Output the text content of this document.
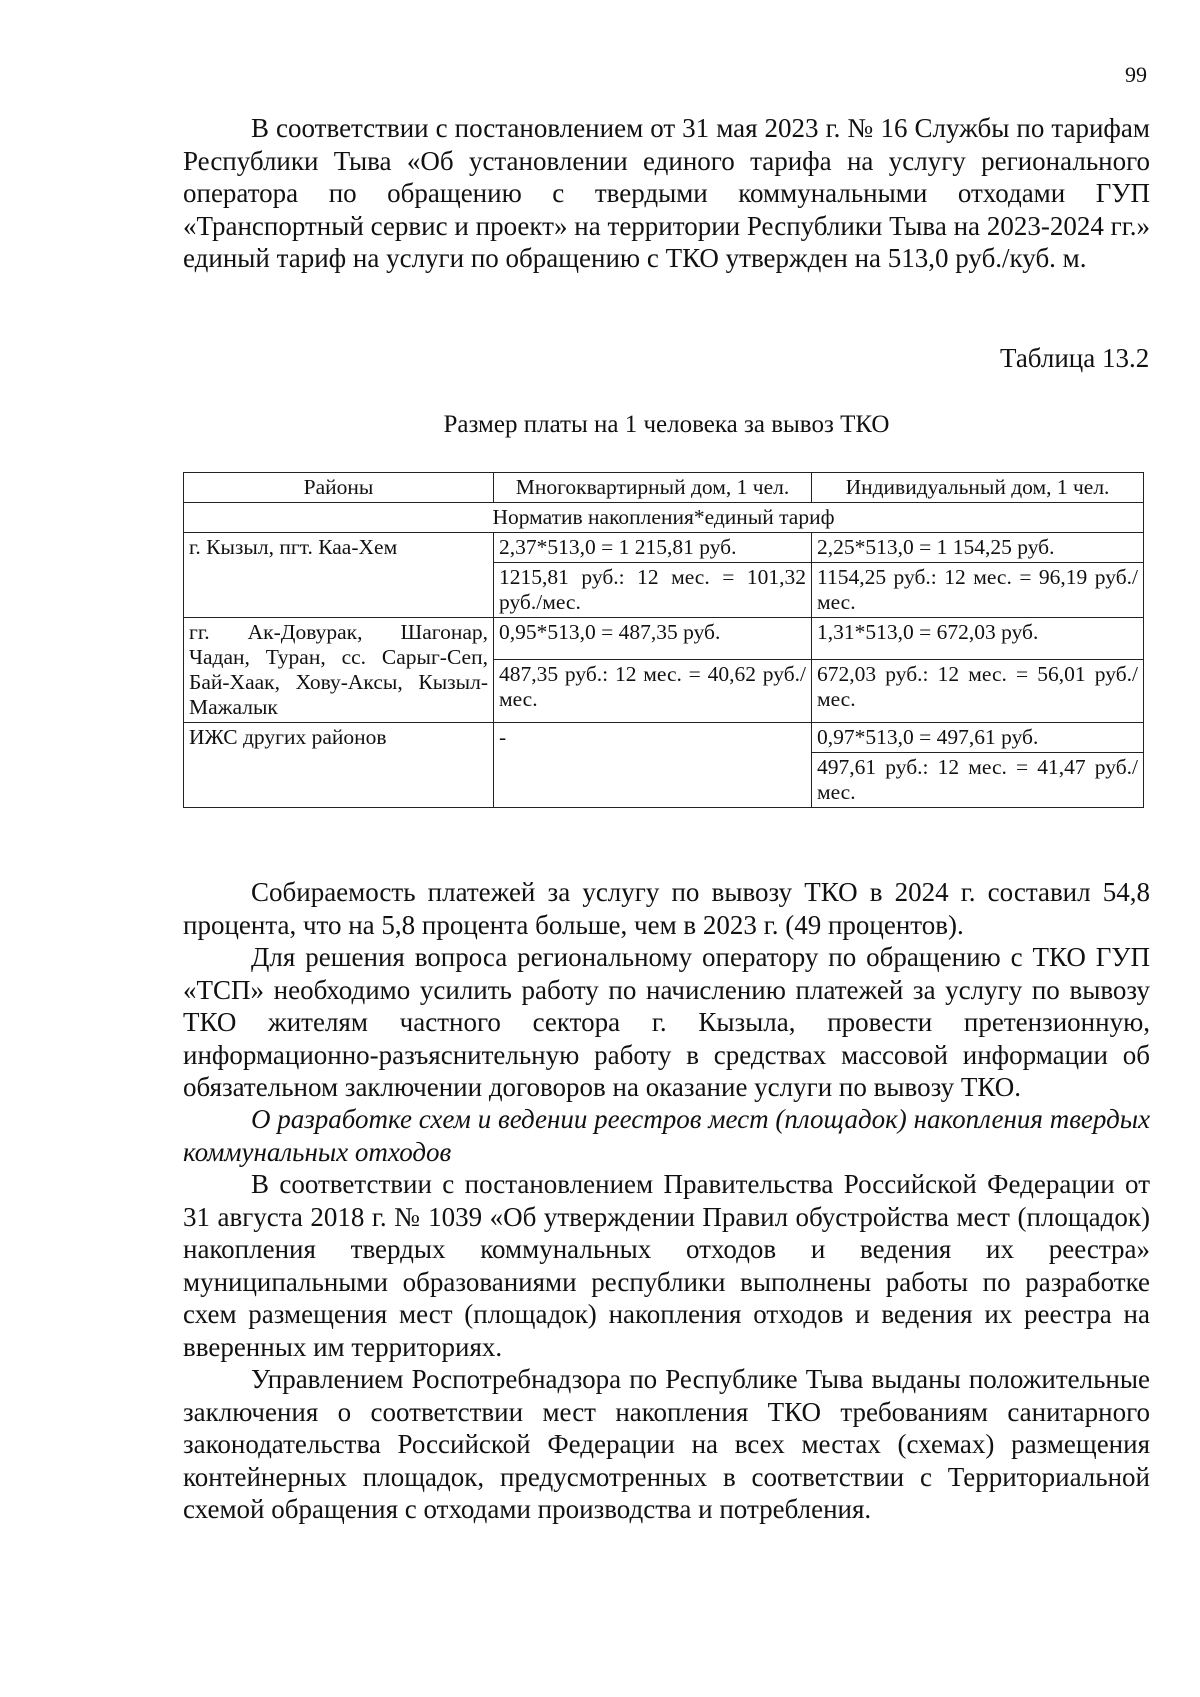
99

В соответствии с постановлением от 31 мая 2023 г. № 16 Службы по тарифам Республики Тыва «Об установлении единого тарифа на услугу регионального оператора по обращению с твердыми коммунальными отходами ГУП «Транспортный сервис и проект» на территории Республики Тыва на 2023-2024 гг.» единый тариф на услуги по обращению с ТКО утвержден на 513,0 руб./куб. м.

Таблица 13.2
Размер платы на 1 человека за вывоз ТКО
Районы	Многоквартирный дом, 1 чел.	Индивидуальный дом, 1 чел.
Норматив накопления*единый тариф		
г. Кызыл, пгт. Каа-Хем	2,37*513,0 = 1 215,81 руб.	2,25*513,0 = 1 154,25 руб.
	1215,81 руб.: 12 мес. = 101,32 руб./мес.	1154,25 руб.: 12 мес. = 96,19 руб./мес.
гг. Ак-Довурак, Шагонар, Чадан, Туран, сс. Сарыг-Сеп, Бай-Хаак, Хову-Аксы, Кызыл-Мажалык	0,95*513,0 = 487,35 руб.	1,31*513,0 = 672,03 руб.
	487,35 руб.: 12 мес. = 40,62 руб./мес.	672,03 руб.: 12 мес. = 56,01 руб./мес.
ИЖС других районов	-	0,97*513,0 = 497,61 руб.
		497,61 руб.: 12 мес. = 41,47 руб./мес.

Собираемость платежей за услугу по вывозу ТКО в 2024 г. составил 54,8 процента, что на 5,8 процента больше, чем в 2023 г. (49 процентов).

Для решения вопроса региональному оператору по обращению с ТКО ГУП «ТСП» необходимо усилить работу по начислению платежей за услугу по вывозу ТКО жителям частного сектора г. Кызыла, провести претензионную, информационно-разъяснительную работу в средствах массовой информации об обязательном заключении договоров на оказание услуги по вывозу ТКО.

О разработке схем и ведении реестров мест (площадок) накопления твердых коммунальных отходов

В соответствии с постановлением Правительства Российской Федерации от 31 августа 2018 г. № 1039 «Об утверждении Правил обустройства мест (площадок) накопления твердых коммунальных отходов и ведения их реестра» муниципальными образованиями республики выполнены работы по разработке схем размещения мест (площадок) накопления отходов и ведения их реестра на вверенных им территориях.

Управлением Роспотребнадзора по Республике Тыва выданы положительные заключения о соответствии мест накопления ТКО требованиям санитарного законодательства Российской Федерации на всех местах (схемах) размещения контейнерных площадок, предусмотренных в соответствии с Территориальной схемой обращения с отходами производства и потребления.
